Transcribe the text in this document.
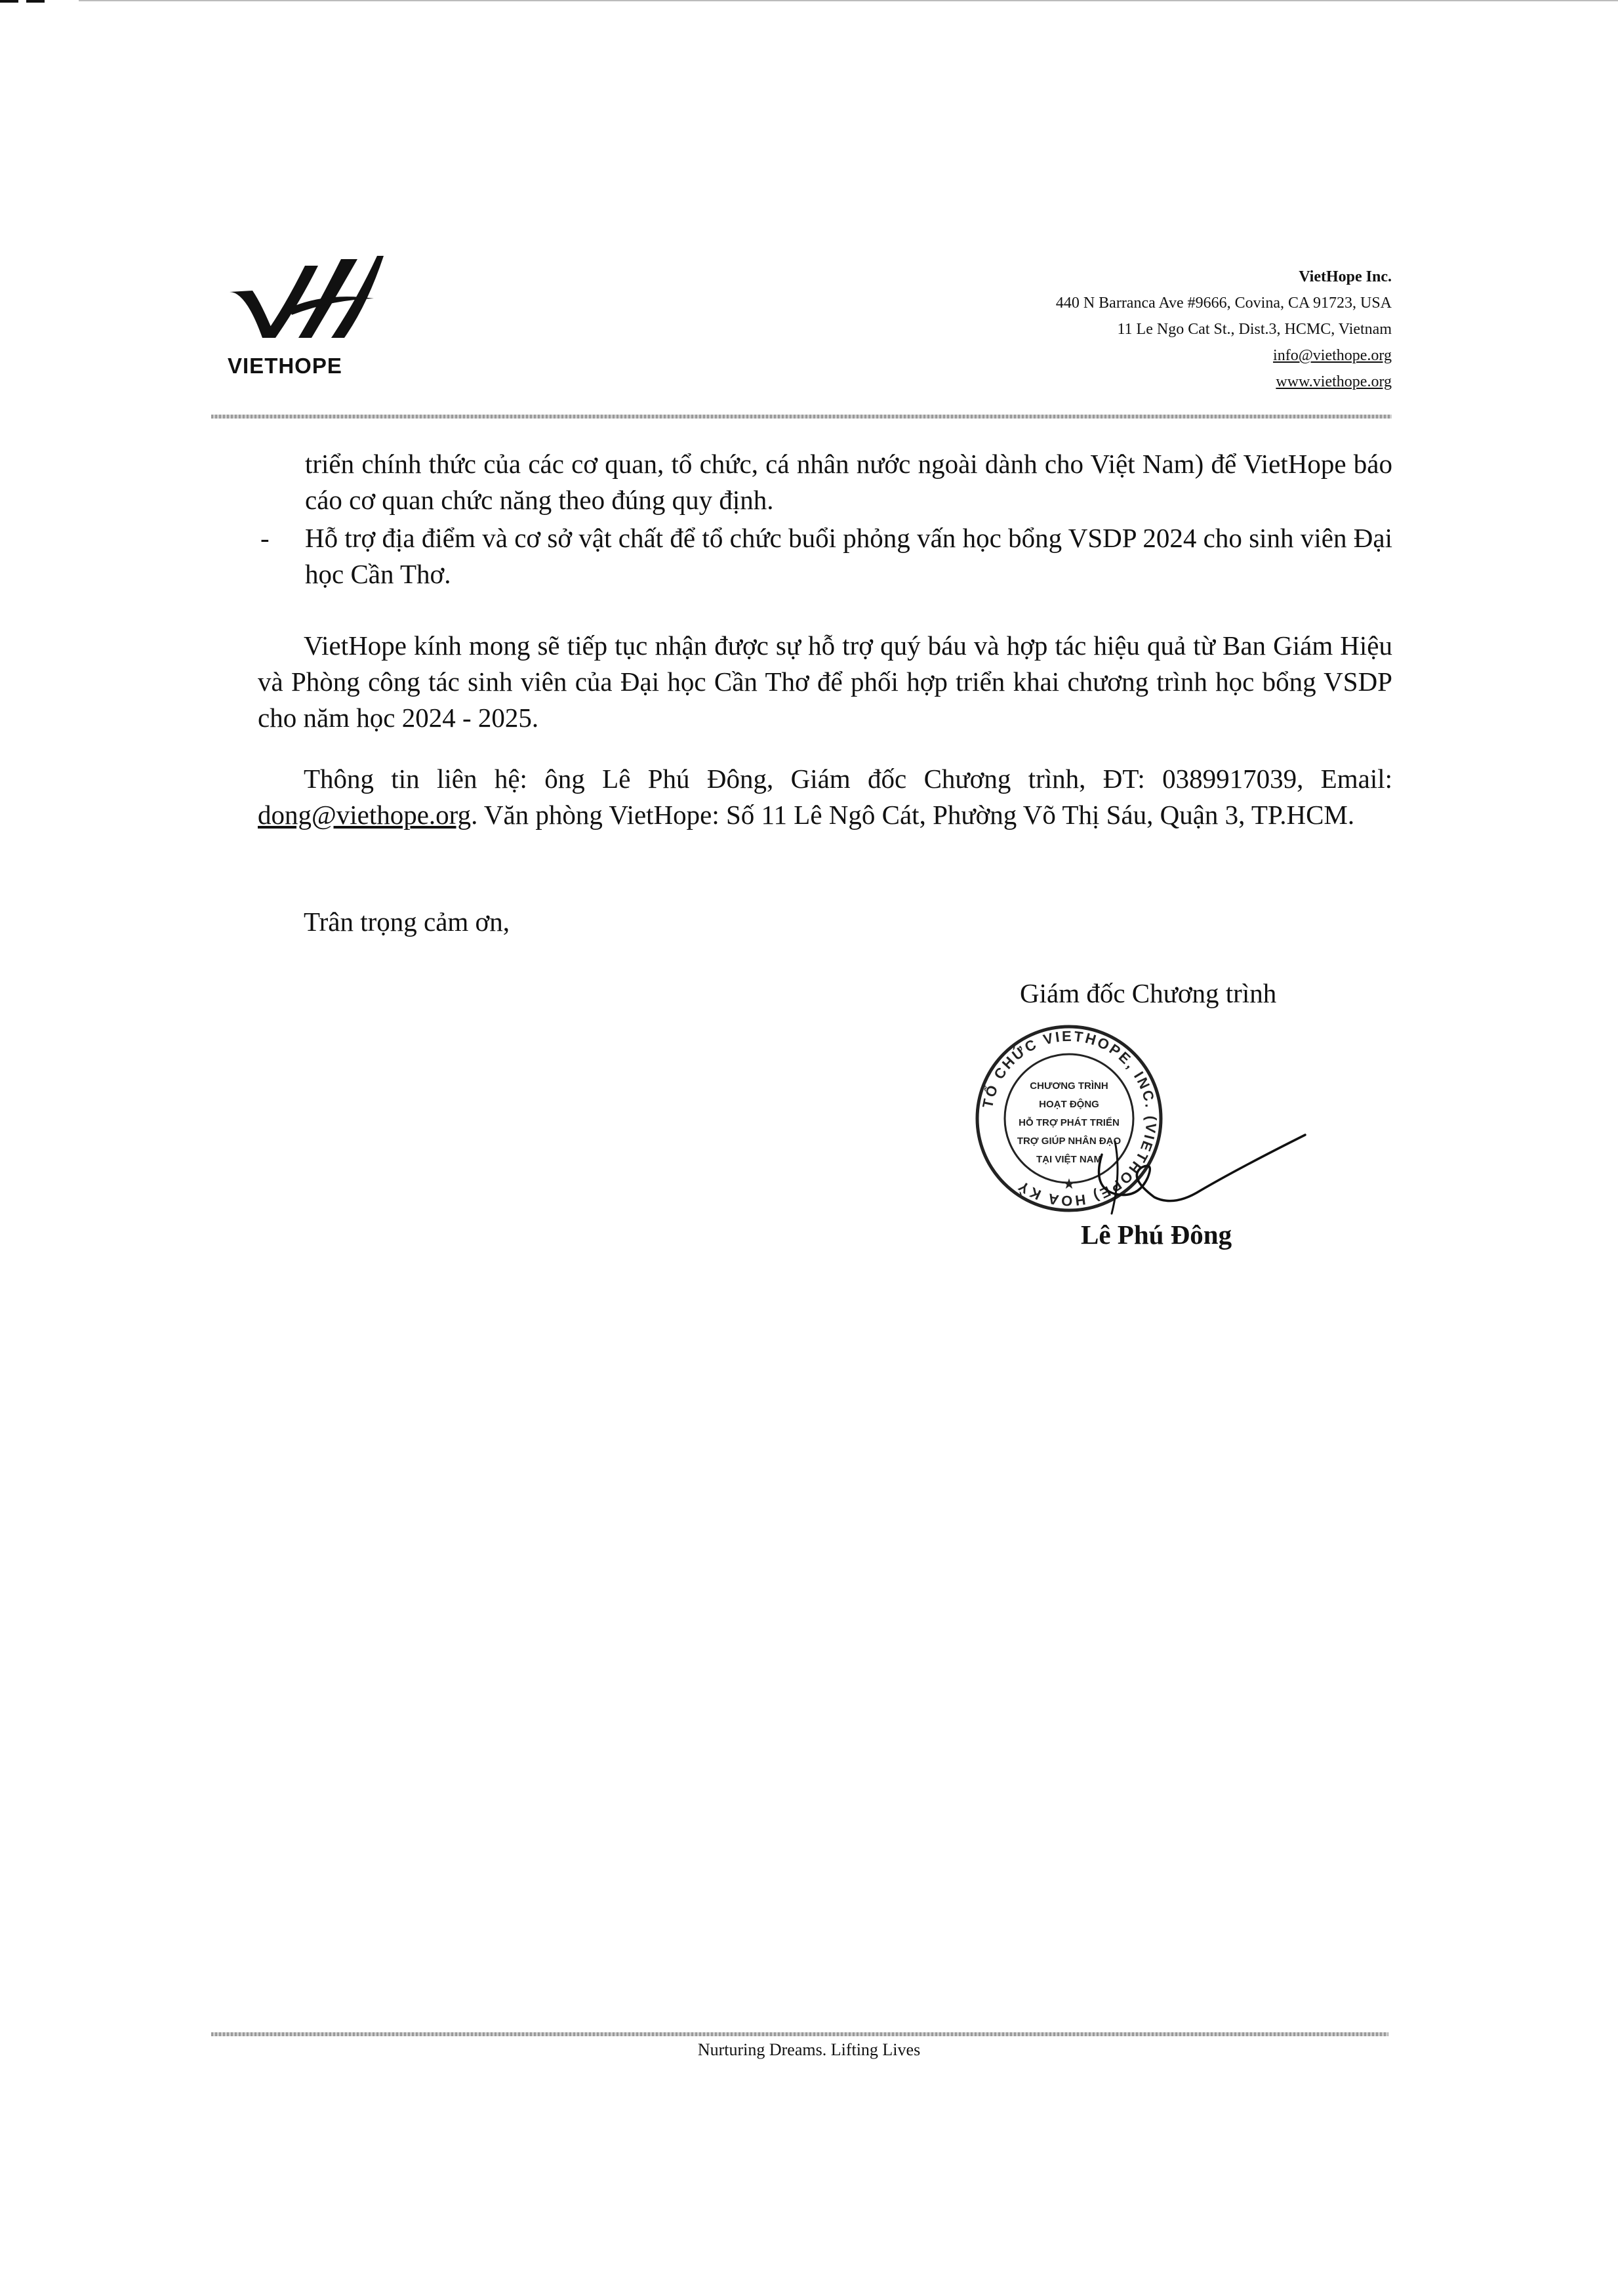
VIETHOPE
VietHope Inc.
440 N Barranca Ave #9666, Covina, CA 91723, USA
11 Le Ngo Cat St., Dist.3, HCMC, Vietnam
info@viethope.org
www.viethope.org
triển chính thức của các cơ quan, tổ chức, cá nhân nước ngoài dành cho Việt Nam) để VietHope báo cáo cơ quan chức năng theo đúng quy định.
- Hỗ trợ địa điểm và cơ sở vật chất để tổ chức buổi phỏng vấn học bổng VSDP 2024 cho sinh viên Đại học Cần Thơ.
VietHope kính mong sẽ tiếp tục nhận được sự hỗ trợ quý báu và hợp tác hiệu quả từ Ban Giám Hiệu và Phòng công tác sinh viên của Đại học Cần Thơ để phối hợp triển khai chương trình học bổng VSDP cho năm học 2024 - 2025.
Thông tin liên hệ: ông Lê Phú Đông, Giám đốc Chương trình, ĐT: 0389917039, Email: dong@viethope.org. Văn phòng VietHope: Số 11 Lê Ngô Cát, Phường Võ Thị Sáu, Quận 3, TP.HCM.
Trân trọng cảm ơn,
Giám đốc Chương trình
TỔ CHỨC VIETHOPE, INC. (VIETHOPE) HOA KỲ
CHƯƠNG TRÌNH
HOẠT ĐỘNG
HỖ TRỢ PHÁT TRIỂN
TRỢ GIÚP NHÂN ĐẠO
TẠI VIỆT NAM
★
Lê Phú Đông
Nurturing Dreams. Lifting Lives
